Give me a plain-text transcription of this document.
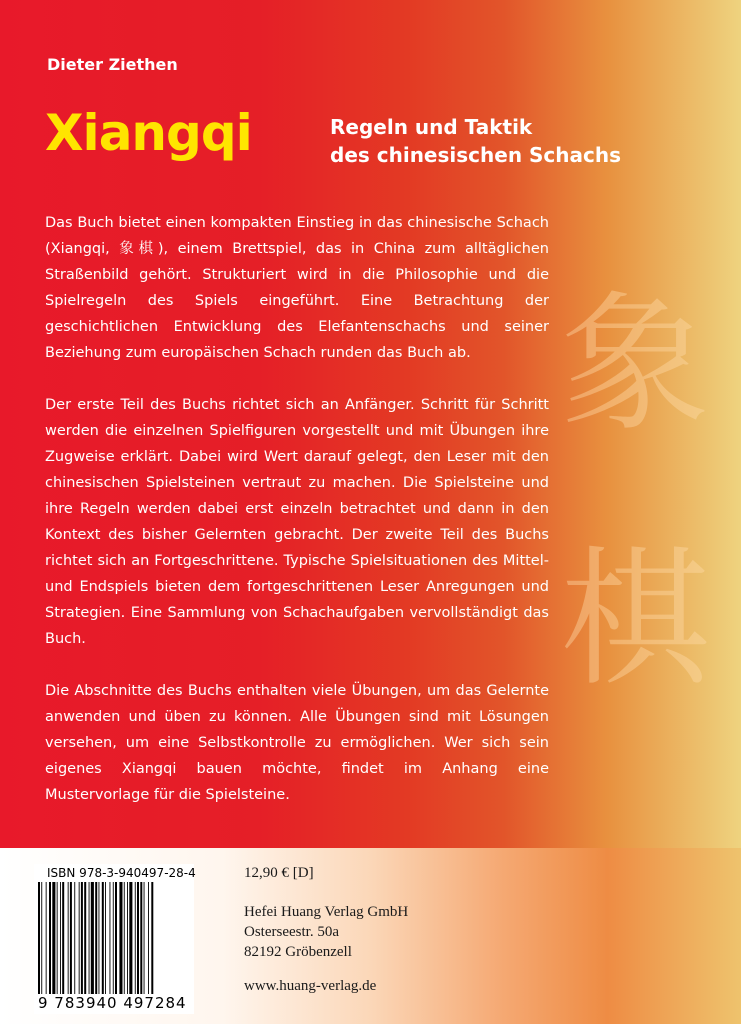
象
棋
Dieter Ziethen
Xiangqi	Regeln und Taktik
des chinesischen Schachs

Das Buch bietet einen kompakten Einstieg in das chinesische Schach (Xiangqi, 象棋), einem Brettspiel, das in China zum alltäglichen Straßenbild gehört. Strukturiert wird in die Philosophie und die Spielregeln des Spiels eingeführt. Eine Betrachtung der geschichtlichen Entwicklung des Elefantenschachs und seiner Beziehung zum europäischen Schach runden das Buch ab.

Der erste Teil des Buchs richtet sich an Anfänger. Schritt für Schritt werden die einzelnen Spielfiguren vorgestellt und mit Übungen ihre Zugweise erklärt. Dabei wird Wert darauf gelegt, den Leser mit den chinesischen Spielsteinen vertraut zu machen. Die Spielsteine und ihre Regeln werden dabei erst einzeln betrachtet und dann in den Kontext des bisher Gelernten gebracht. Der zweite Teil des Buchs richtet sich an Fortgeschrittene. Typische Spielsituationen des Mittel- und Endspiels bieten dem fortgeschrittenen Leser Anregungen und Strategien. Eine Sammlung von Schachaufgaben vervollständigt das Buch.

Die Abschnitte des Buchs enthalten viele Übungen, um das Gelernte anwenden und üben zu können. Alle Übungen sind mit Lösungen versehen, um eine Selbstkontrolle zu ermöglichen. Wer sich sein eigenes Xiangqi bauen möchte, findet im Anhang eine Mustervorlage für die Spielsteine.

ISBN 978-3-940497-28-4
9 783940 497284
12,90 € [D]
Hefei Huang Verlag GmbH
Osterseestr. 50a
82192 Gröbenzell
www.huang-verlag.de
